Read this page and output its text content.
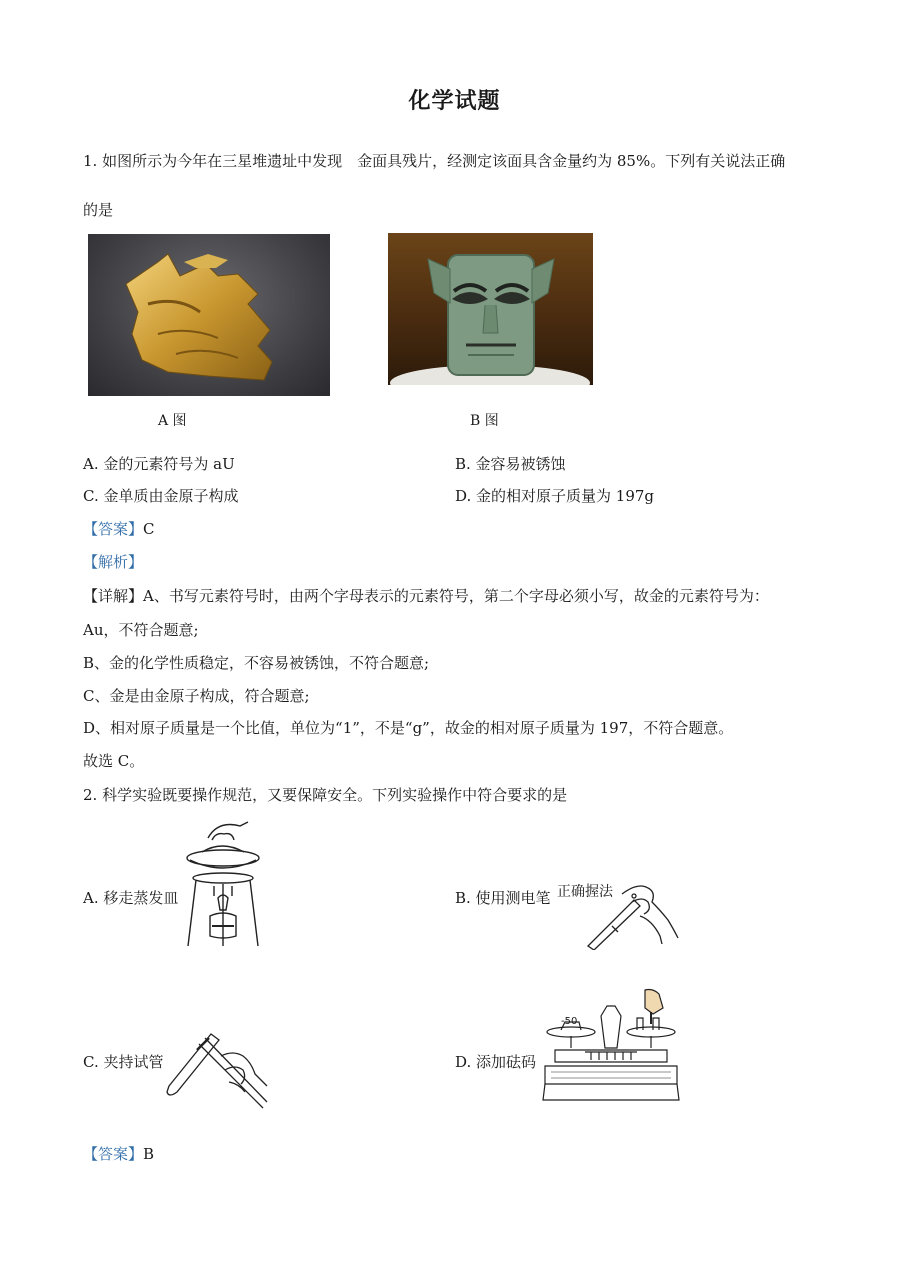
化学试题
1. 如图所示为今年在三星堆遗址中发现　金面具残片，经测定该面具含金量约为 85%。下列有关说法正确
的是
A 图	B 图
A. 金的元素符号为 aU	B. 金容易被锈蚀
C. 金单质由金原子构成	D. 金的相对原子质量为 197g
【答案】C
【解析】
【详解】A、书写元素符号时，由两个字母表示的元素符号，第二个字母必须小写，故金的元素符号为：
Au，不符合题意;
B、金的化学性质稳定，不容易被锈蚀，不符合题意;
C、金是由金原子构成，符合题意;
D、相对原子质量是一个比值，单位为“1”，不是“g”，故金的相对原子质量为 197，不符合题意。
故选 C。
2. 科学实验既要操作规范，又要保障安全。下列实验操作中符合要求的是
A. 移走蒸发皿	B. 使用测电笔 正确握法
C. 夹持试管	D. 添加砝码
-50
【答案】B
